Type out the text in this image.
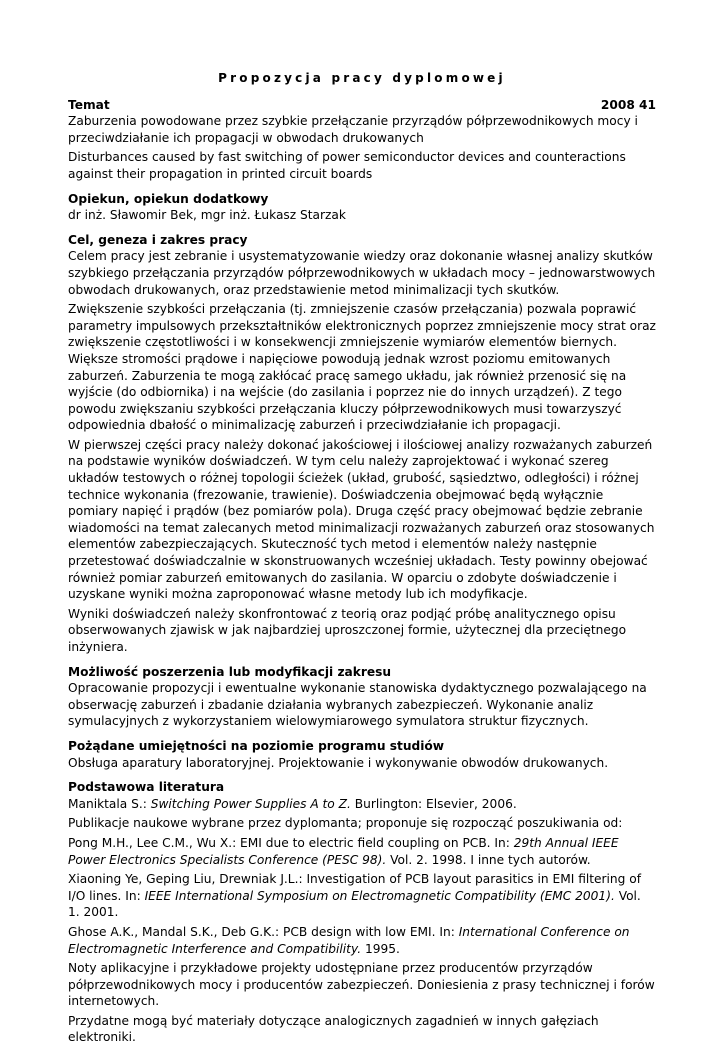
Propozycja pracy dyplomowej
Temat	2008 41

Zaburzenia powodowane przez szybkie przełączanie przyrządów półprzewodnikowych mocy i przeciwdziałanie ich propagacji w obwodach drukowanych

Disturbances caused by fast switching of power semiconductor devices and counteractions against their propagation in printed circuit boards

Opiekun, opiekun dodatkowy

dr inż. Sławomir Bek, mgr inż. Łukasz Starzak

Cel, geneza i zakres pracy

Celem pracy jest zebranie i usystematyzowanie wiedzy oraz dokonanie własnej analizy skutków szybkiego przełączania przyrządów półprzewodnikowych w układach mocy – jednowarstwowych obwodach drukowanych, oraz przedstawienie metod minimalizacji tych skutków.

Zwiększenie szybkości przełączania (tj. zmniejszenie czasów przełączania) pozwala poprawić parametry impulsowych przekształtników elektronicznych poprzez zmniejszenie mocy strat oraz zwiększenie częstotliwości i w konsekwencji zmniejszenie wymiarów elementów biernych. Większe stromości prądowe i napięciowe powodują jednak wzrost poziomu emitowanych zaburzeń. Zaburzenia te mogą zakłócać pracę samego układu, jak również przenosić się na wyjście (do odbiornika) i na wejście (do zasilania i poprzez nie do innych urządzeń). Z tego powodu zwiększaniu szybkości przełączania kluczy półprzewodnikowych musi towarzyszyć odpowiednia dbałość o minimalizację zaburzeń i przeciwdziałanie ich propagacji.

W pierwszej części pracy należy dokonać jakościowej i ilościowej analizy rozważanych zaburzeń na podstawie wyników doświadczeń. W tym celu należy zaprojektować i wykonać szereg układów testowych o różnej topologii ścieżek (układ, grubość, sąsiedztwo, odległości) i różnej technice wykonania (frezowanie, trawienie). Doświadczenia obejmować będą wyłącznie pomiary napięć i prądów (bez pomiarów pola). Druga część pracy obejmować będzie zebranie wiadomości na temat zalecanych metod minimalizacji rozważanych zaburzeń oraz stosowanych elementów zabezpieczających. Skuteczność tych metod i elementów należy następnie przetestować doświadczalnie w skonstruowanych wcześniej układach. Testy powinny obejować również pomiar zaburzeń emitowanych do zasilania. W oparciu o zdobyte doświadczenie i uzyskane wyniki można zaproponować własne metody lub ich modyfikacje.

Wyniki doświadczeń należy skonfrontować z teorią oraz podjąć próbę analitycznego opisu obserwowanych zjawisk w jak najbardziej uproszczonej formie, użytecznej dla przeciętnego inżyniera.

Możliwość poszerzenia lub modyfikacji zakresu

Opracowanie propozycji i ewentualne wykonanie stanowiska dydaktycznego pozwalającego na obserwację zaburzeń i zbadanie działania wybranych zabezpieczeń. Wykonanie analiz symulacyjnych z wykorzystaniem wielowymiarowego symulatora struktur fizycznych.

Pożądane umiejętności na poziomie programu studiów

Obsługa aparatury laboratoryjnej. Projektowanie i wykonywanie obwodów drukowanych.

Podstawowa literatura

Maniktala S.: Switching Power Supplies A to Z. Burlington: Elsevier, 2006.

Publikacje naukowe wybrane przez dyplomanta; proponuje się rozpocząć poszukiwania od:

Pong M.H., Lee C.M., Wu X.: EMI due to electric field coupling on PCB. In: 29th Annual IEEE Power Electronics Specialists Conference (PESC 98). Vol. 2. 1998. I inne tych autorów.

Xiaoning Ye, Geping Liu, Drewniak J.L.: Investigation of PCB layout parasitics in EMI filtering of I/O lines. In: IEEE International Symposium on Electromagnetic Compatibility (EMC 2001). Vol. 1. 2001.

Ghose A.K., Mandal S.K., Deb G.K.: PCB design with low EMI. In: International Conference on Electromagnetic Interference and Compatibility. 1995.

Noty aplikacyjne i przykładowe projekty udostępniane przez producentów przyrządów półprzewodnikowych mocy i producentów zabezpieczeń. Doniesienia z prasy technicznej i forów internetowych.

Przydatne mogą być materiały dotyczące analogicznych zagadnień w innych gałęziach elektroniki.
